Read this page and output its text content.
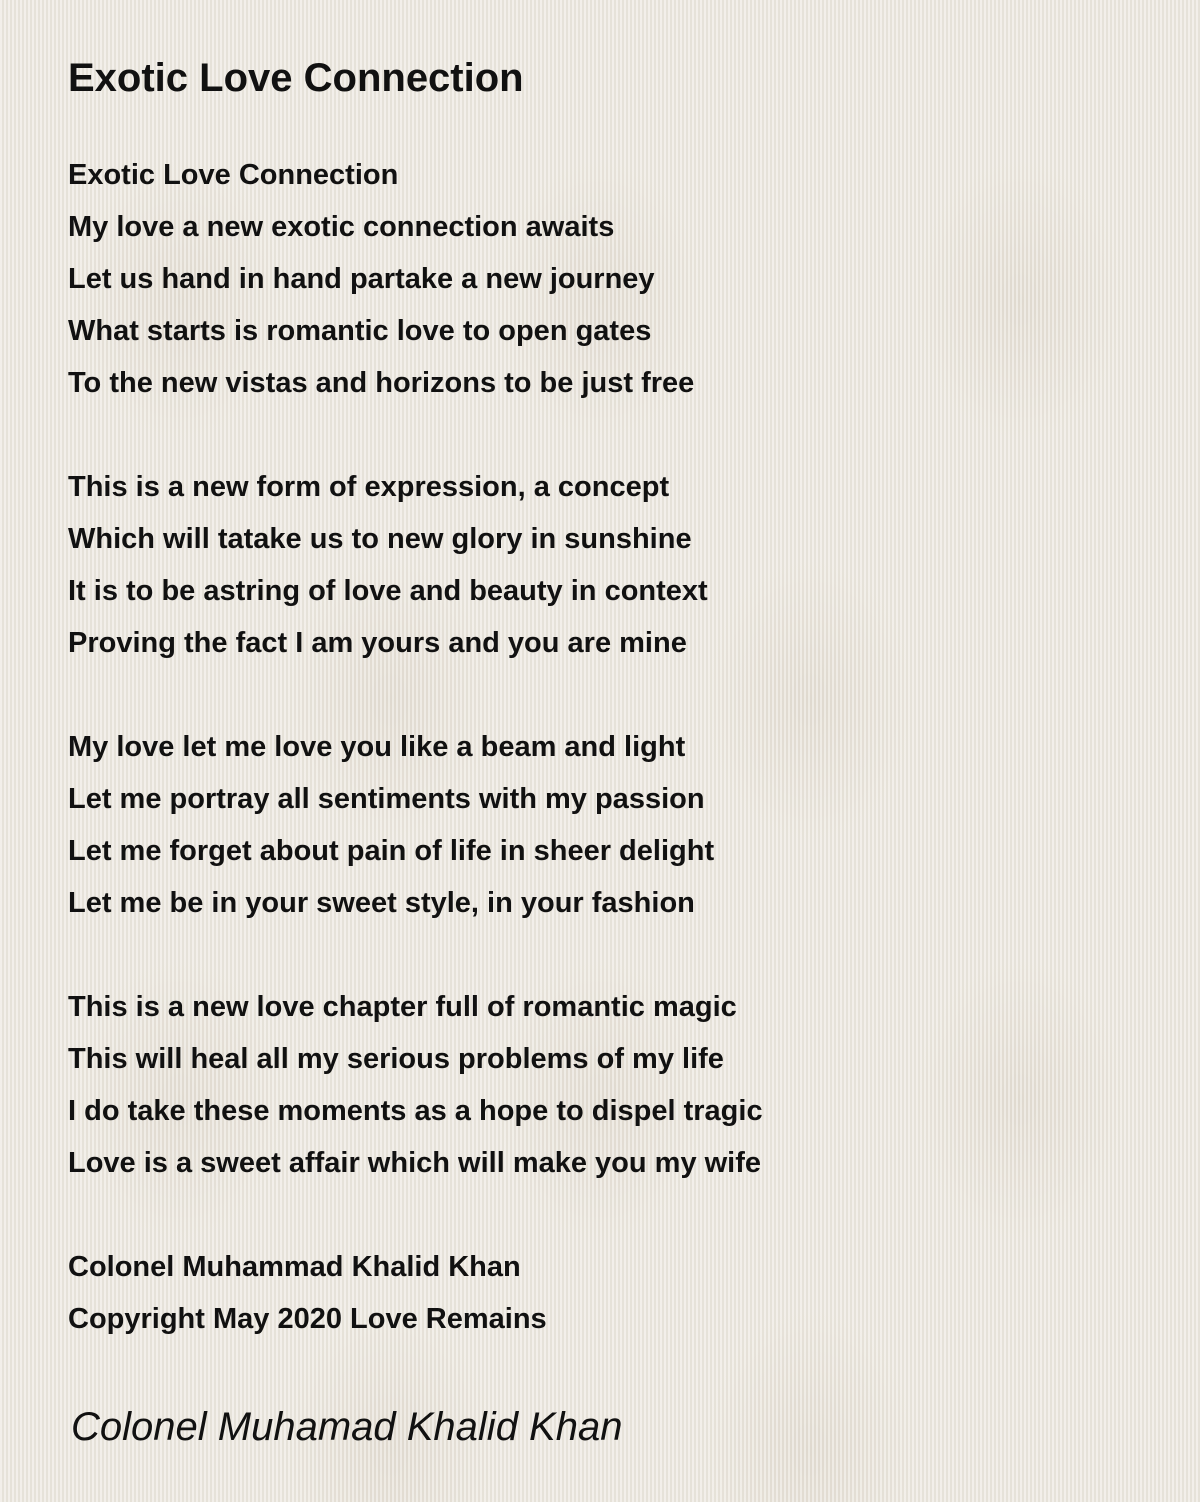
Exotic Love Connection
Exotic Love Connection
My love a new exotic connection awaits
Let us hand in hand partake a new journey
What starts is romantic love to open gates
To the new vistas and horizons to be just free
This is a new form of expression, a concept
Which will tatake us to new glory in sunshine
It is to be astring of love and beauty in context
Proving the fact I am yours and you are mine
My love let me love you like a beam and light
Let me portray all sentiments with my passion
Let me forget about pain of life in sheer delight
Let me be in your sweet style, in your fashion
This is a new love chapter full of romantic magic
This will heal all my serious problems of my life
I do take these moments as a hope to dispel tragic
Love is a sweet affair which will make you my wife
Colonel Muhammad Khalid Khan
Copyright May 2020 Love Remains
Colonel Muhamad Khalid Khan
